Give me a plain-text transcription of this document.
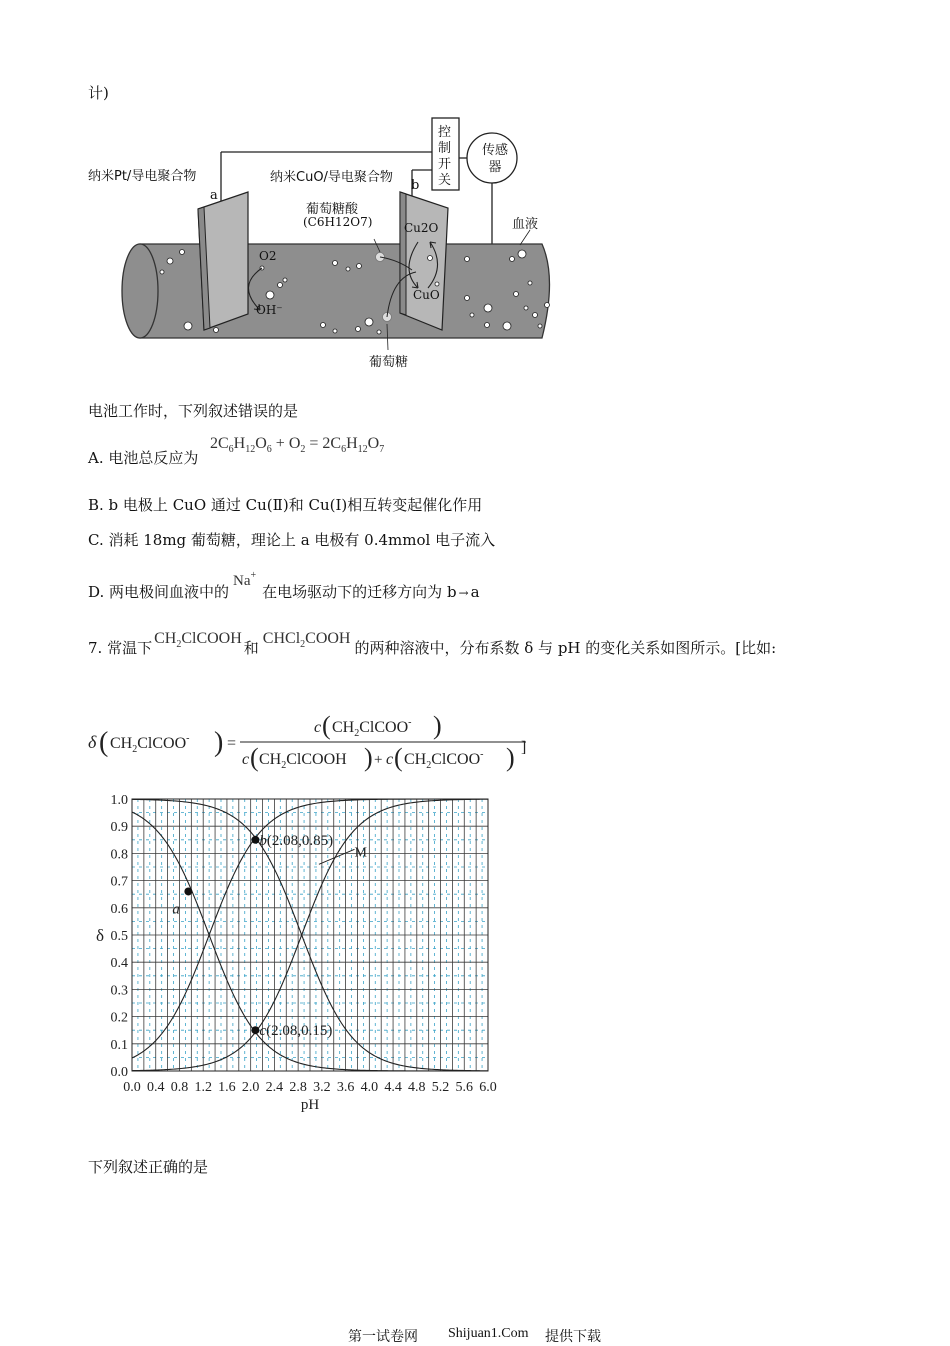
计)
纳米Pt/导电聚合物
a
纳米CuO/导电聚合物
b
控
制
开
关
传感
器
葡萄糖酸
(C6H12O7)	血液
O2
OH⁻
Cu2O
CuO
葡萄糖
电池工作时，下列叙述错误的是
A. 电池总反应为
$2C_6H_{12}O_6 + O_2 = 2C_6H_{12}O_7$
B. b 电极上 CuO 通过 Cu(Ⅱ)和 Cu(Ⅰ)相互转变起催化作用
C. 消耗 18mg 葡萄糖，理论上 a 电极有 0.4mmol 电子流入
D. 两电极间血液中的Na+在电场驱动下的迁移方向为 b → a
7. 常温下$CH_2ClCOOH$和CHCl$_2$COOH的两种溶液中，分布系数 δ 与 pH 的变化关系如图所示。[比如:
δ ( $CH_2ClCOO^-$ ) =
c ( $CH_2ClCOO^-$ )
c ( $CH_2ClCOOH$ ) + c ( $CH_2ClCOO^-$ ) ]
a
b(2.08,0.85)
c(2.08,0.15)
0.0 0.4 0.8 1.2 1.6 2.0 2.4 2.8 3.2 3.6 4.0 4.4 4.8 5.2 5.6 6.0
0.0
0.1
0.2
0.3
0.4
0.5
0.6
0.7
0.8
0.9
1.0
pH
δ
M
下列叙述正确的是
第一试卷网 Shijuan1.Com 提供下载
